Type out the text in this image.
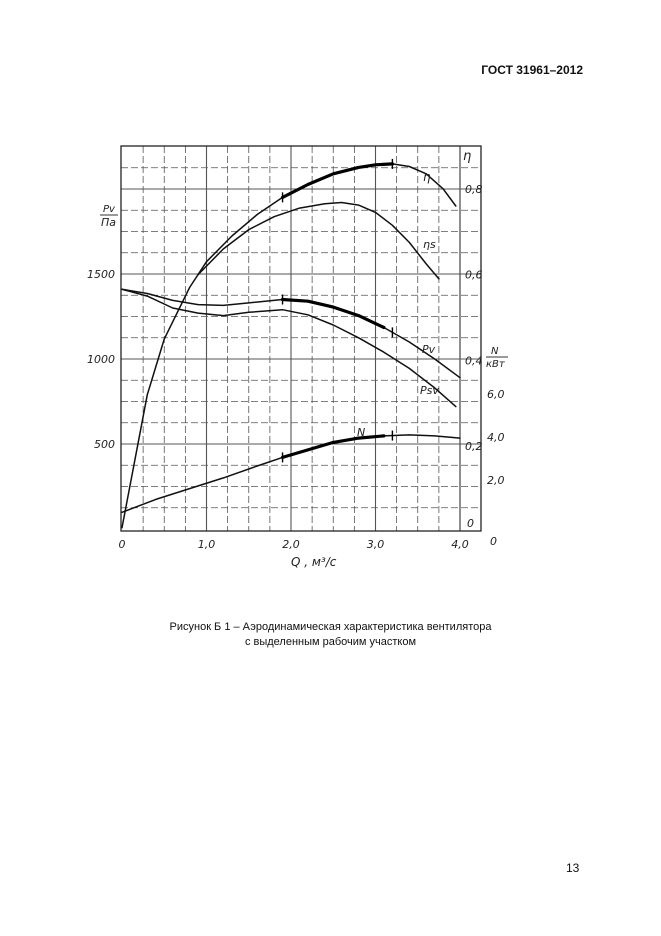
ГОСТ 31961–2012
Pv
Па
η
N
кВт
Q , м³/с
η
ηs
Pv
Psv
N
0	1,0	2,0	3,0	4,0
500
1000
1500
0,2
0,4
0,6
0,8
0
2,0
4,0
6,0
0
Рисунок Б 1 – Аэродинамическая характеристика вентилятора
с выделенным рабочим участком
13
